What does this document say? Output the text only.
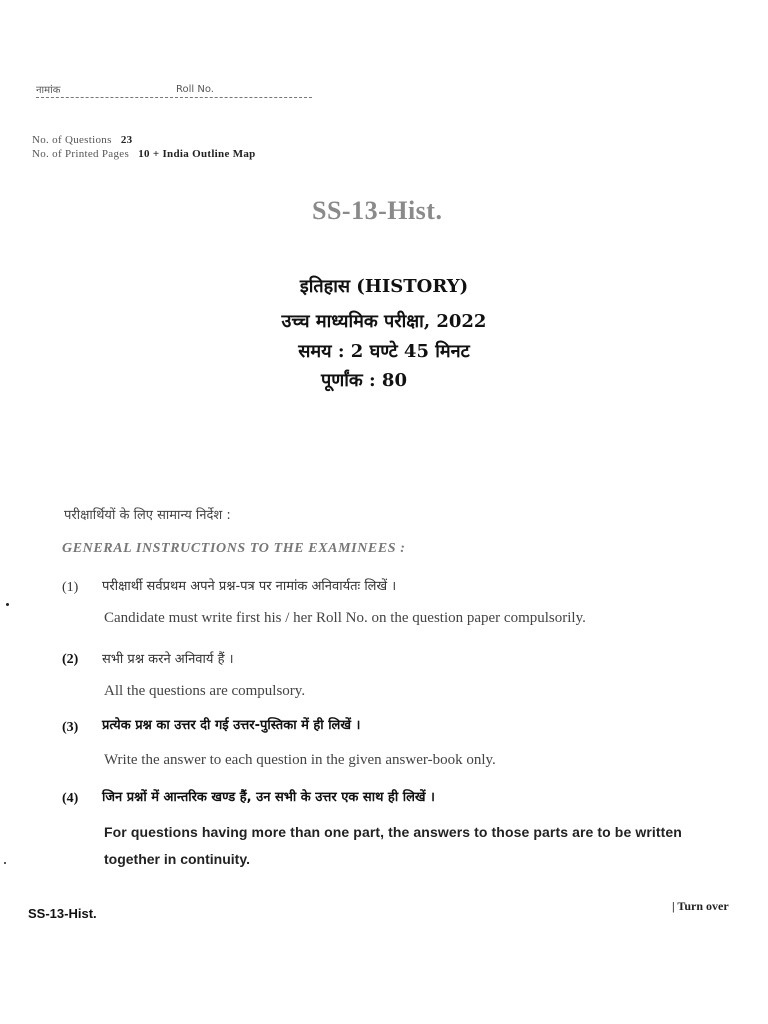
नामांक	Roll No.
No. of Questions 23
No. of Printed Pages 10 + India Outline Map
SS-13-Hist.
इतिहास (HISTORY)
उच्च माध्यमिक परीक्षा, 2022
समय : 2 घण्टे 45 मिनट
पूर्णांक : 80
परीक्षार्थियों के लिए सामान्य निर्देश :
GENERAL INSTRUCTIONS TO THE EXAMINEES :
(1) परीक्षार्थी सर्वप्रथम अपने प्रश्न-पत्र पर नामांक अनिवार्यतः लिखें ।
Candidate must write first his / her Roll No. on the question paper compulsorily.
(2) सभी प्रश्न करने अनिवार्य हैं ।
All the questions are compulsory.
(3) प्रत्येक प्रश्न का उत्तर दी गई उत्तर-पुस्तिका में ही लिखें ।
Write the answer to each question in the given answer-book only.
(4) जिन प्रश्नों में आन्तरिक खण्ड हैं, उन सभी के उत्तर एक साथ ही लिखें ।
For questions having more than one part, the answers to those parts are to be written
together in continuity.
SS-13-Hist.	| Turn over
